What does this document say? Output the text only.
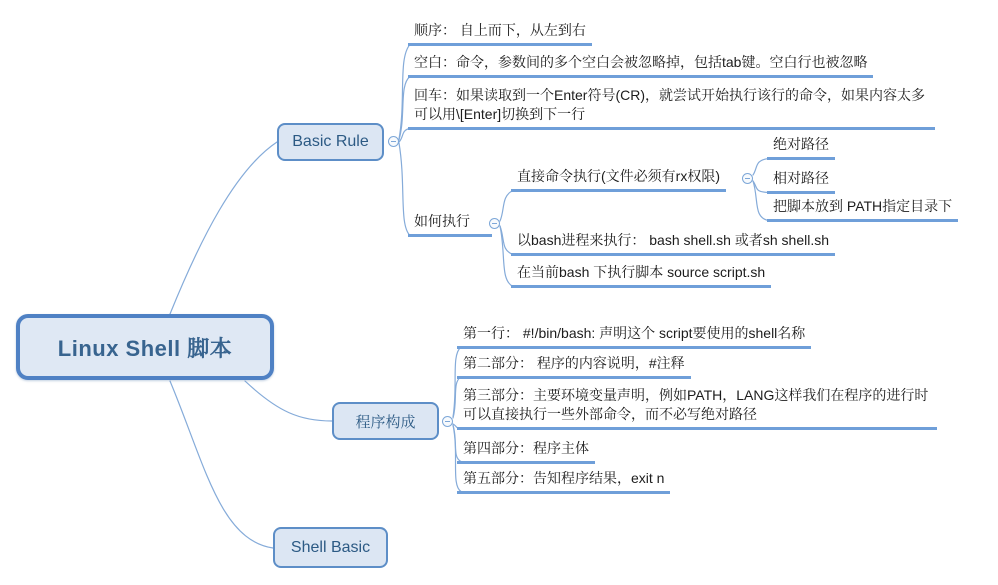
Linux Shell 脚本
Basic Rule
顺序： 自上而下，从左到右
空白：命令，参数间的多个空白会被忽略掉，包括tab键。空白行也被忽略
回车：如果读取到一个Enter符号(CR)，就尝试开始执行该行的命令，如果内容太多可以用\[Enter]切换到下一行
如何执行
直接命令执行(文件必须有rx权限)
绝对路径
相对路径
把脚本放到 PATH指定目录下
以bash进程来执行： bash shell.sh 或者sh shell.sh
在当前bash 下执行脚本 source script.sh
程序构成
第一行： #!/bin/bash: 声明这个 script要使用的shell名称
第二部分： 程序的内容说明，#注释
第三部分：主要环境变量声明，例如PATH，LANG这样我们在程序的进行时可以直接执行一些外部命令，而不必写绝对路径
第四部分：程序主体
第五部分：告知程序结果，exit n
Shell Basic
